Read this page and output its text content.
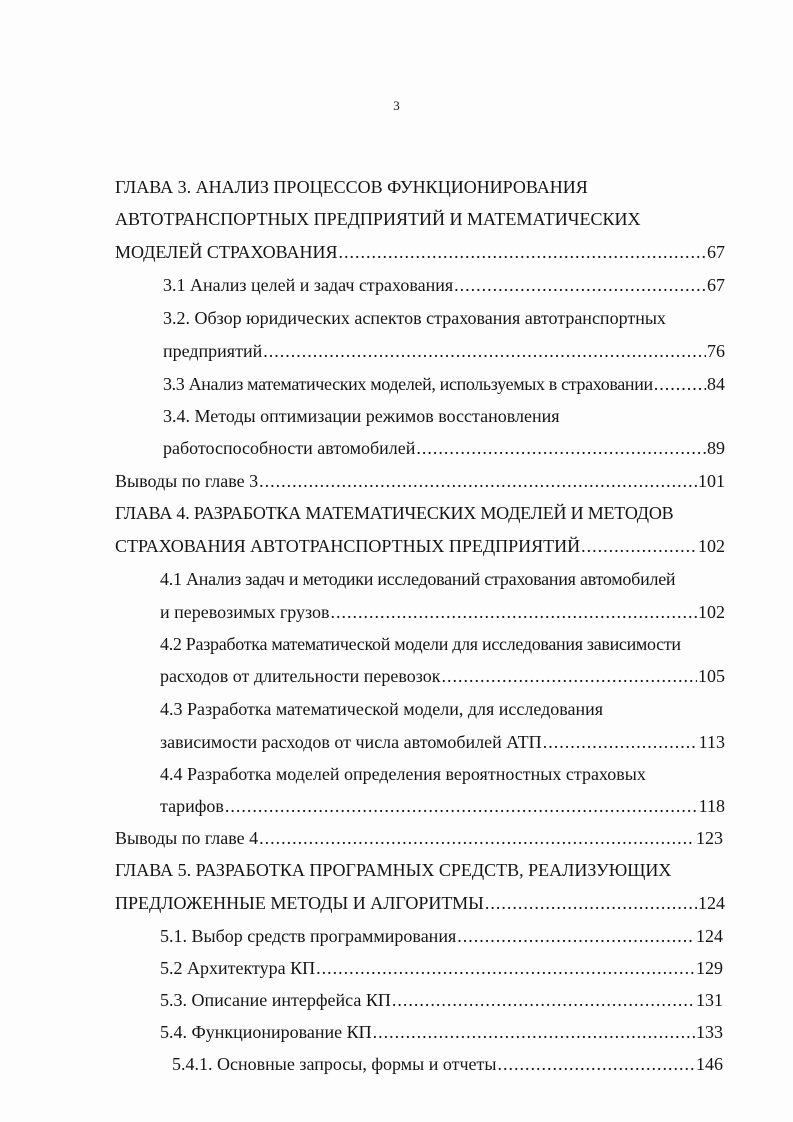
3
ГЛАВА 3. АНАЛИЗ ПРОЦЕССОВ ФУНКЦИОНИРОВАНИЯ
АВТОТРАНСПОРТНЫХ ПРЕДПРИЯТИЙ И МАТЕМАТИЧЕСКИХ
МОДЕЛЕЙ СТРАХОВАНИЯ .....	67
3.1 Анализ целей и задач страхования .....	67
3.2. Обзор юридических аспектов страхования автотранспортных
предприятий .....	76
3.3 Анализ математических моделей, используемых в страховании .....	84
3.4. Методы оптимизации режимов восстановления
работоспособности автомобилей .....	89
Выводы по главе 3 .....	101
ГЛАВА 4. РАЗРАБОТКА МАТЕМАТИЧЕСКИХ МОДЕЛЕЙ И МЕТОДОВ
СТРАХОВАНИЯ АВТОТРАНСПОРТНЫХ ПРЕДПРИЯТИЙ .....	102
4.1 Анализ задач и методики исследований страхования автомобилей
и перевозимых грузов .....	102
4.2 Разработка математической модели для исследования зависимости
расходов от длительности перевозок .....	105
4.3 Разработка математической модели, для исследования
зависимости расходов от числа автомобилей АТП .....	113
4.4 Разработка моделей определения вероятностных страховых
тарифов .....	118
Выводы по главе 4 .....	123
ГЛАВА 5. РАЗРАБОТКА ПРОГРАМНЫХ СРЕДСТВ, РЕАЛИЗУЮЩИХ
ПРЕДЛОЖЕННЫЕ МЕТОДЫ И АЛГОРИТМЫ .....	124
5.1. Выбор средств программирования .....	124
5.2 Архитектура КП .....	129
5.3. Описание интерфейса КП .....	131
5.4. Функционирование КП .....	133
5.4.1. Основные запросы, формы и отчеты .....	146
